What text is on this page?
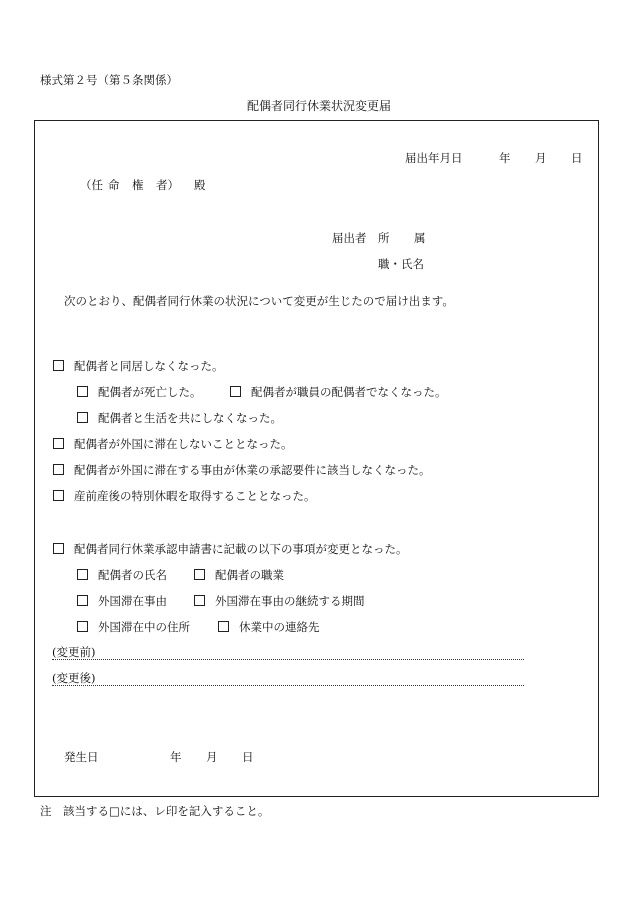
様式第２号（第５条関係）
配偶者同行休業状況変更届
届出年月日	年 月 日
（任 命 権 者） 殿
届出者 所 属
職・氏名
次のとおり、配偶者同行休業の状況について変更が生じたので届け出ます。
配偶者と同居しなくなった。
配偶者が死亡した。	配偶者が職員の配偶者でなくなった。
配偶者と生活を共にしなくなった。
配偶者が外国に滞在しないこととなった。
配偶者が外国に滞在する事由が休業の承認要件に該当しなくなった。
産前産後の特別休暇を取得することとなった。
配偶者同行休業承認申請書に記載の以下の事項が変更となった。
配偶者の氏名	配偶者の職業
外国滞在事由	外国滞在事由の継続する期間
外国滞在中の住所	休業中の連絡先
(変更前)
(変更後)
発生日	年 月 日
注　該当する□には、レ印を記入すること。
